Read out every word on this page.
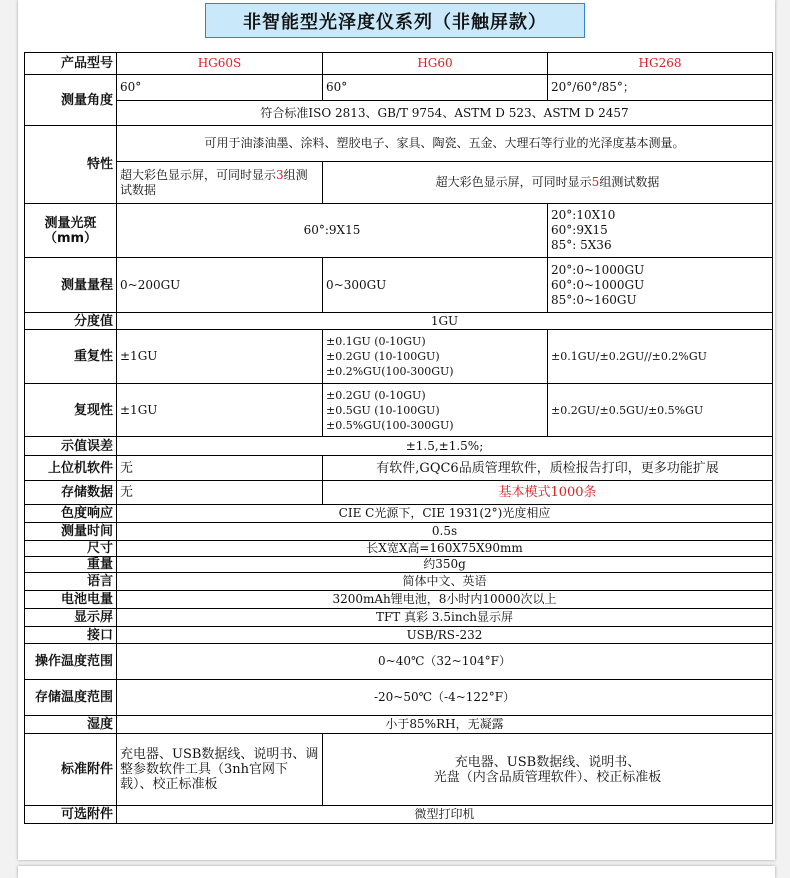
非智能型光泽度仪系列（非触屏款）
产品型号	HG60S	HG60	HG268
测量角度	60°	60°	20°/60°/85°；
	符合标准ISO 2813、GB/T 9754、ASTM D 523、ASTM D 2457		
特性	可用于油漆油墨、涂料、塑胶电子、家具、陶瓷、五金、大理石等行业的光泽度基本测量。		
	超大彩色显示屏，可同时显示3组测试数据	超大彩色显示屏，可同时显示5组测试数据	
测量光斑（mm）	60°:9X15		20°:10X10
60°:9X15
85°: 5X36
测量量程	0~200GU	0~300GU	20°:0~1000GU
60°:0~1000GU
85°:0~160GU
分度值	1GU		
重复性	±1GU	±0.1GU (0-10GU)
±0.2GU (10-100GU)
±0.2%GU(100-300GU)	±0.1GU/±0.2GU//±0.2%GU
复现性	±1GU	±0.2GU (0-10GU)
±0.5GU (10-100GU)
±0.5%GU(100-300GU)	±0.2GU/±0.5GU/±0.5%GU
示值误差	±1.5,±1.5%;		
上位机软件	无	有软件,GQC6品质管理软件，质检报告打印，更多功能扩展	
存储数据	无	基本模式1000条	
色度响应	CIE C光源下，CIE 1931(2°)光度相应		
测量时间	0.5s		
尺寸	长X宽X高=160X75X90mm		
重量	约350g		
语言	简体中文、英语		
电池电量	3200mAh锂电池，8小时内10000次以上		
显示屏	TFT 真彩 3.5inch显示屏		
接口	USB/RS-232		
操作温度范围	0~40℃（32~104°F）		
存储温度范围	-20~50℃（-4~122°F）		
湿度	小于85%RH，无凝露		
标准附件	充电器、USB数据线、说明书、调整参数软件工具（3nh官网下载）、校正标准板	充电器、USB数据线、说明书、
光盘（内含品质管理软件）、校正标准板	
可选附件	微型打印机		
